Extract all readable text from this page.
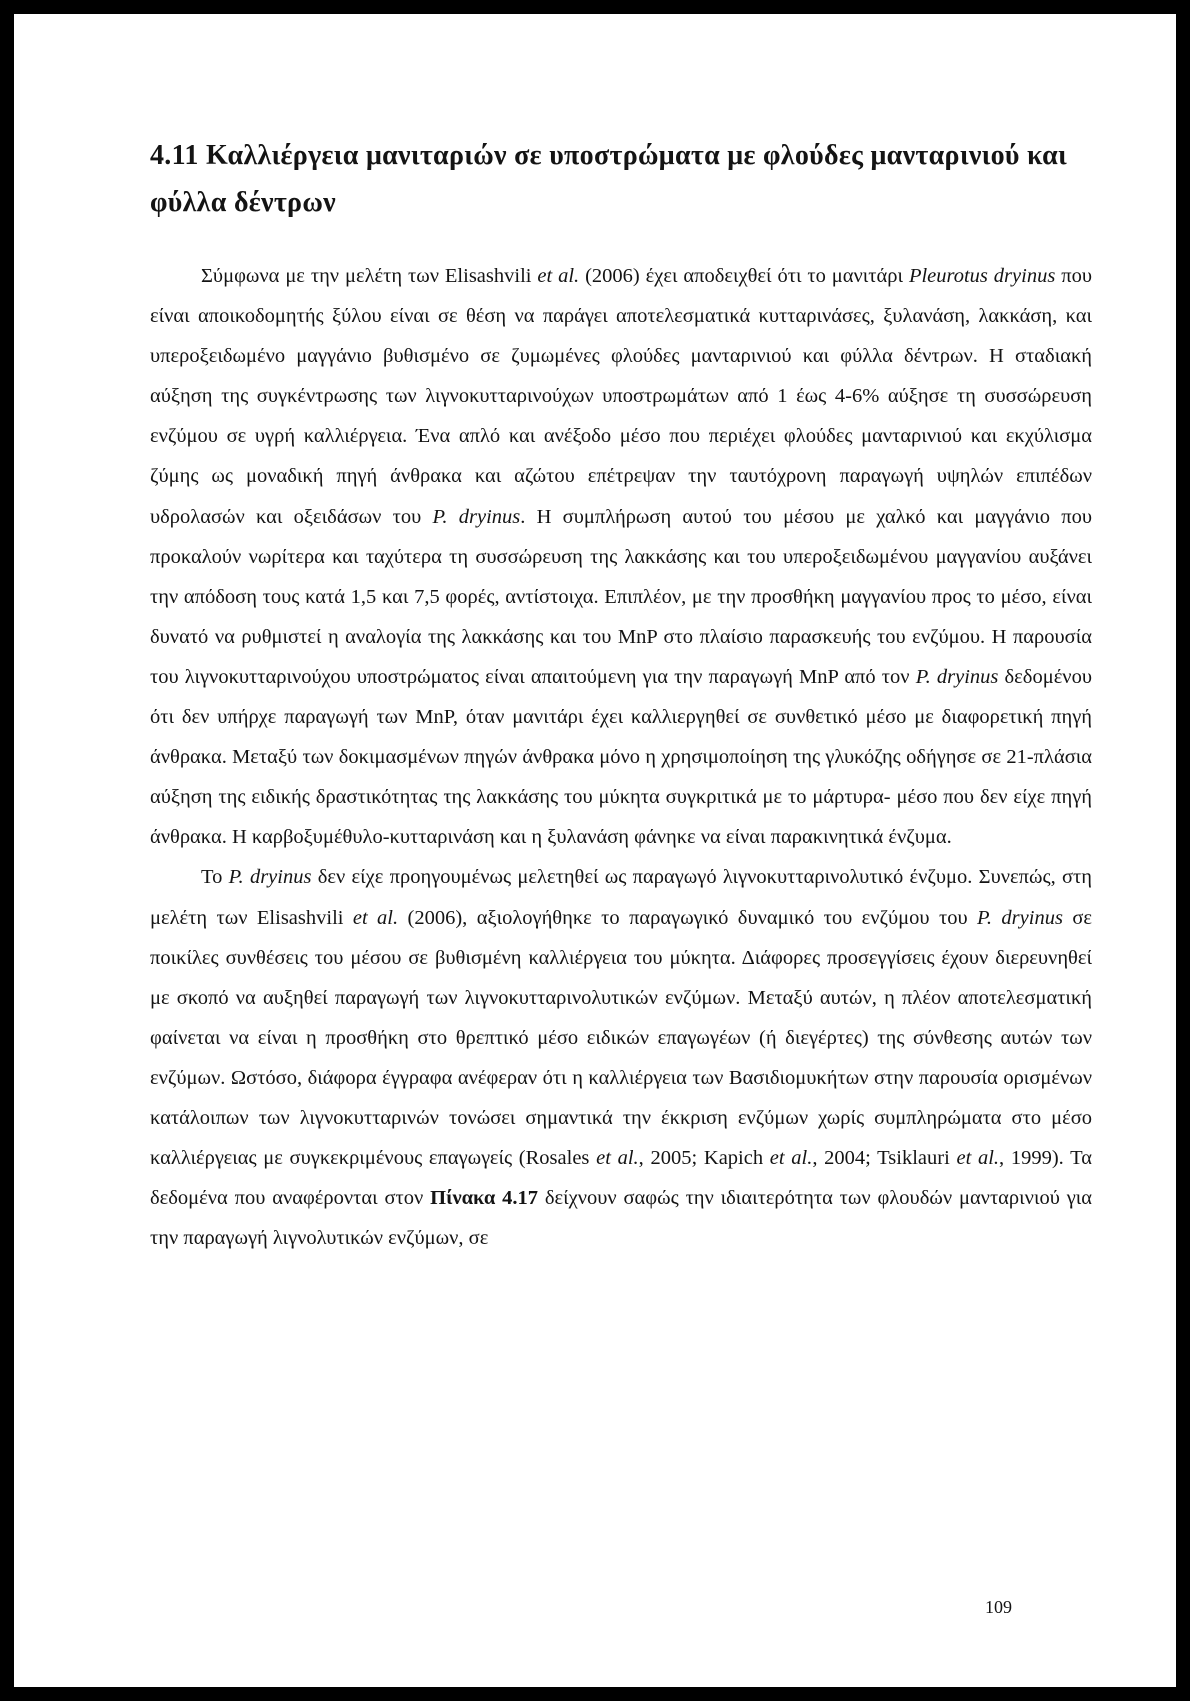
4.11 Καλλιέργεια μανιταριών σε υποστρώματα με φλούδες μανταρινιού και φύλλα δέντρων

Σύμφωνα με την μελέτη των Elisashvili et al. (2006) έχει αποδειχθεί ότι το μανιτάρι Pleurotus dryinus που είναι αποικοδομητής ξύλου είναι σε θέση να παράγει αποτελεσματικά κυτταρινάσες, ξυλανάση, λακκάση, και υπεροξειδωμένο μαγγάνιο βυθισμένο σε ζυμωμένες φλούδες μανταρινιού και φύλλα δέντρων. Η σταδιακή αύξηση της συγκέντρωσης των λιγνοκυτταρινούχων υποστρωμάτων από 1 έως 4-6% αύξησε τη συσσώρευση ενζύμου σε υγρή καλλιέργεια. Ένα απλό και ανέξοδο μέσο που περιέχει φλούδες μανταρινιού και εκχύλισμα ζύμης ως μοναδική πηγή άνθρακα και αζώτου επέτρεψαν την ταυτόχρονη παραγωγή υψηλών επιπέδων υδρολασών και οξειδάσων του P. dryinus. Η συμπλήρωση αυτού του μέσου με χαλκό και μαγγάνιο που προκαλούν νωρίτερα και ταχύτερα τη συσσώρευση της λακκάσης και του υπεροξειδωμένου μαγγανίου αυξάνει την απόδοση τους κατά 1,5 και 7,5 φορές, αντίστοιχα. Επιπλέον, με την προσθήκη μαγγανίου προς το μέσο, είναι δυνατό να ρυθμιστεί η αναλογία της λακκάσης και του MnP στο πλαίσιο παρασκευής του ενζύμου. Η παρουσία του λιγνοκυτταρινούχου υποστρώματος είναι απαιτούμενη για την παραγωγή MnP από τον P. dryinus δεδομένου ότι δεν υπήρχε παραγωγή των MnP, όταν μανιτάρι έχει καλλιεργηθεί σε συνθετικό μέσο με διαφορετική πηγή άνθρακα. Μεταξύ των δοκιμασμένων πηγών άνθρακα μόνο η χρησιμοποίηση της γλυκόζης οδήγησε σε 21-πλάσια αύξηση της ειδικής δραστικότητας της λακκάσης του μύκητα συγκριτικά με το μάρτυρα- μέσο που δεν είχε πηγή άνθρακα. Η καρβοξυμέθυλο-κυτταρινάση και η ξυλανάση φάνηκε να είναι παρακινητικά ένζυμα.

Το P. dryinus δεν είχε προηγουμένως μελετηθεί ως παραγωγό λιγνοκυτταρινολυτικό ένζυμο. Συνεπώς, στη μελέτη των Elisashvili et al. (2006), αξιολογήθηκε το παραγωγικό δυναμικό του ενζύμου του P. dryinus σε ποικίλες συνθέσεις του μέσου σε βυθισμένη καλλιέργεια του μύκητα. Διάφορες προσεγγίσεις έχουν διερευνηθεί με σκοπό να αυξηθεί παραγωγή των λιγνοκυτταρινολυτικών ενζύμων. Μεταξύ αυτών, η πλέον αποτελεσματική φαίνεται να είναι η προσθήκη στο θρεπτικό μέσο ειδικών επαγωγέων (ή διεγέρτες) της σύνθεσης αυτών των ενζύμων. Ωστόσο, διάφορα έγγραφα ανέφεραν ότι η καλλιέργεια των Βασιδιομυκήτων στην παρουσία ορισμένων κατάλοιπων των λιγνοκυτταρινών τονώσει σημαντικά την έκκριση ενζύμων χωρίς συμπληρώματα στο μέσο καλλιέργειας με συγκεκριμένους επαγωγείς (Rosales et al., 2005; Kapich et al., 2004; Tsiklauri et al., 1999). Τα δεδομένα που αναφέρονται στον Πίνακα 4.17 δείχνουν σαφώς την ιδιαιτερότητα των φλουδών μανταρινιού για την παραγωγή λιγνολυτικών ενζύμων, σε

109
